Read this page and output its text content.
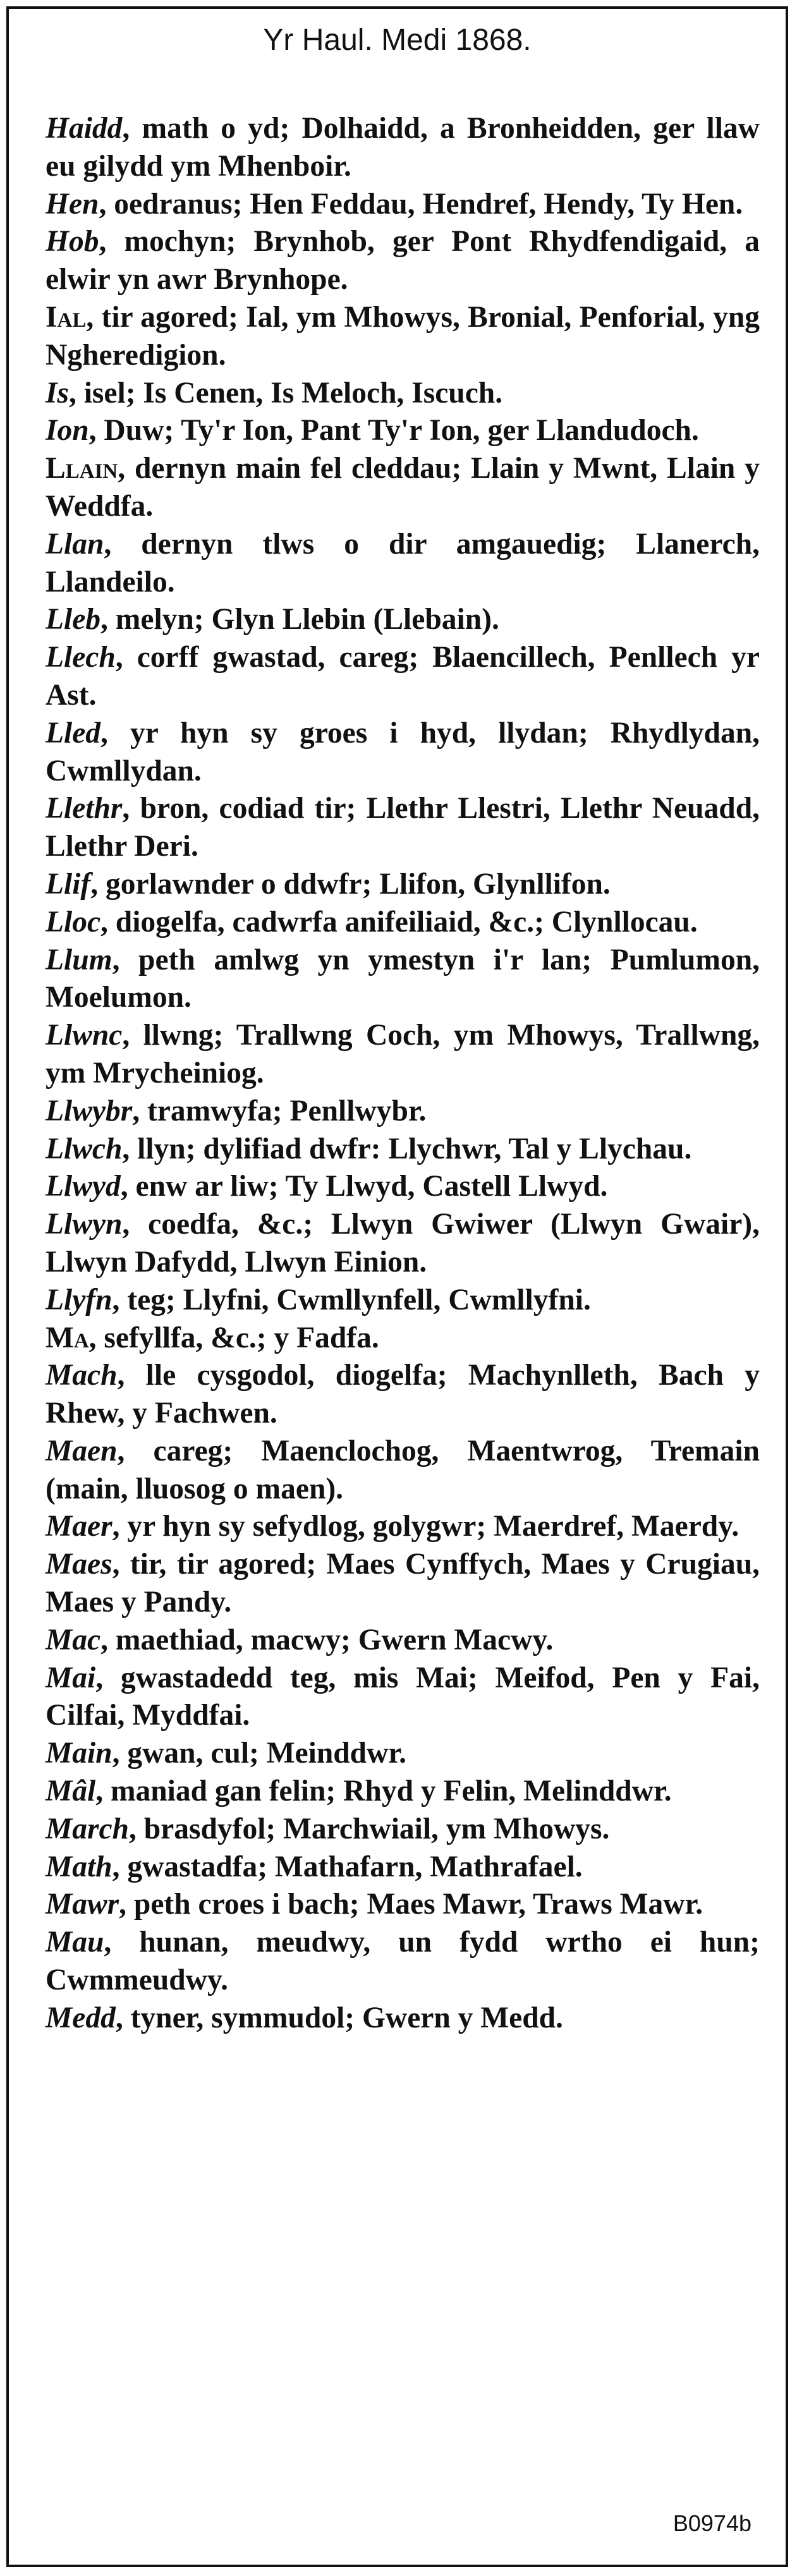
Yr Haul. Medi 1868.

Haidd, math o yd; Dolhaidd, a Bronheidden, ger llaw eu gilydd ym Mhenboir.

Hen, oedranus; Hen Feddau, Hendref, Hendy, Ty Hen.

Hob, mochyn; Brynhob, ger Pont Rhydfendigaid, a elwir yn awr Brynhope.

Ial, tir agored; Ial, ym Mhowys, Bronial, Penforial, yng Ngheredigion.

Is, isel; Is Cenen, Is Meloch, Iscuch.

Ion, Duw; Ty'r Ion, Pant Ty'r Ion, ger Llandudoch.

Llain, dernyn main fel cleddau; Llain y Mwnt, Llain y Weddfa.

Llan, dernyn tlws o dir amgauedig; Llanerch, Llandeilo.

Lleb, melyn; Glyn Llebin (Llebain).

Llech, corff gwastad, careg; Blaencillech, Penllech yr Ast.

Lled, yr hyn sy groes i hyd, llydan; Rhydlydan, Cwmllydan.

Llethr, bron, codiad tir; Llethr Llestri, Llethr Neuadd, Llethr Deri.

Llif, gorlawnder o ddwfr; Llifon, Glynllifon.

Lloc, diogelfa, cadwrfa anifeiliaid, &c.; Clynllocau.

Llum, peth amlwg yn ymestyn i'r lan; Pumlumon, Moelumon.

Llwnc, llwng; Trallwng Coch, ym Mhowys, Trallwng, ym Mrycheiniog.

Llwybr, tramwyfa; Penllwybr.

Llwch, llyn; dylifiad dwfr: Llychwr, Tal y Llychau.

Llwyd, enw ar liw; Ty Llwyd, Castell Llwyd.

Llwyn, coedfa, &c.; Llwyn Gwiwer (Llwyn Gwair), Llwyn Dafydd, Llwyn Einion.

Llyfn, teg; Llyfni, Cwmllynfell, Cwmllyfni.

Ma, sefyllfa, &c.; y Fadfa.

Mach, lle cysgodol, diogelfa; Machynlleth, Bach y Rhew, y Fachwen.

Maen, careg; Maenclochog, Maentwrog, Tremain (main, lluosog o maen).

Maer, yr hyn sy sefydlog, golygwr; Maerdref, Maerdy.

Maes, tir, tir agored; Maes Cynffych, Maes y Crugiau, Maes y Pandy.

Mac, maethiad, macwy; Gwern Macwy.

Mai, gwastadedd teg, mis Mai; Meifod, Pen y Fai, Cilfai, Myddfai.

Main, gwan, cul; Meinddwr.

Mâl, maniad gan felin; Rhyd y Felin, Melinddwr.

March, brasdyfol; Marchwiail, ym Mhowys.

Math, gwastadfa; Mathafarn, Mathrafael.

Mawr, peth croes i bach; Maes Mawr, Traws Mawr.

Mau, hunan, meudwy, un fydd wrtho ei hun; Cwmmeudwy.

Medd, tyner, symmudol; Gwern y Medd.

B0974b
